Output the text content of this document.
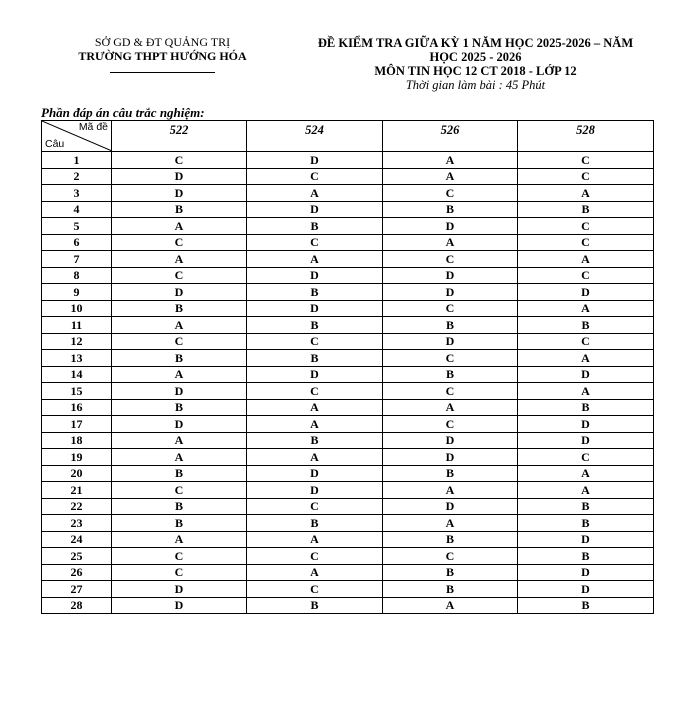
SỞ GD & ĐT QUẢNG TRỊ
TRƯỜNG THPT HƯỚNG HÓA
ĐỀ KIỂM TRA GIỮA KỲ 1 NĂM HỌC 2025-2026 – NĂM
HỌC 2025 - 2026
MÔN TIN HỌC 12 CT 2018 - LỚP 12
Thời gian làm bài : 45 Phút
Phần đáp án câu trắc nghiệm:
Mã đề
Câu	522	524	526	528
1	C	D	A	C
2	D	C	A	C
3	D	A	C	A
4	B	D	B	B
5	A	B	D	C
6	C	C	A	C
7	A	A	C	A
8	C	D	D	C
9	D	B	D	D
10	B	D	C	A
11	A	B	B	B
12	C	C	D	C
13	B	B	C	A
14	A	D	B	D
15	D	C	C	A
16	B	A	A	B
17	D	A	C	D
18	A	B	D	D
19	A	A	D	C
20	B	D	B	A
21	C	D	A	A
22	B	C	D	B
23	B	B	A	B
24	A	A	B	D
25	C	C	C	B
26	C	A	B	D
27	D	C	B	D
28	D	B	A	B
